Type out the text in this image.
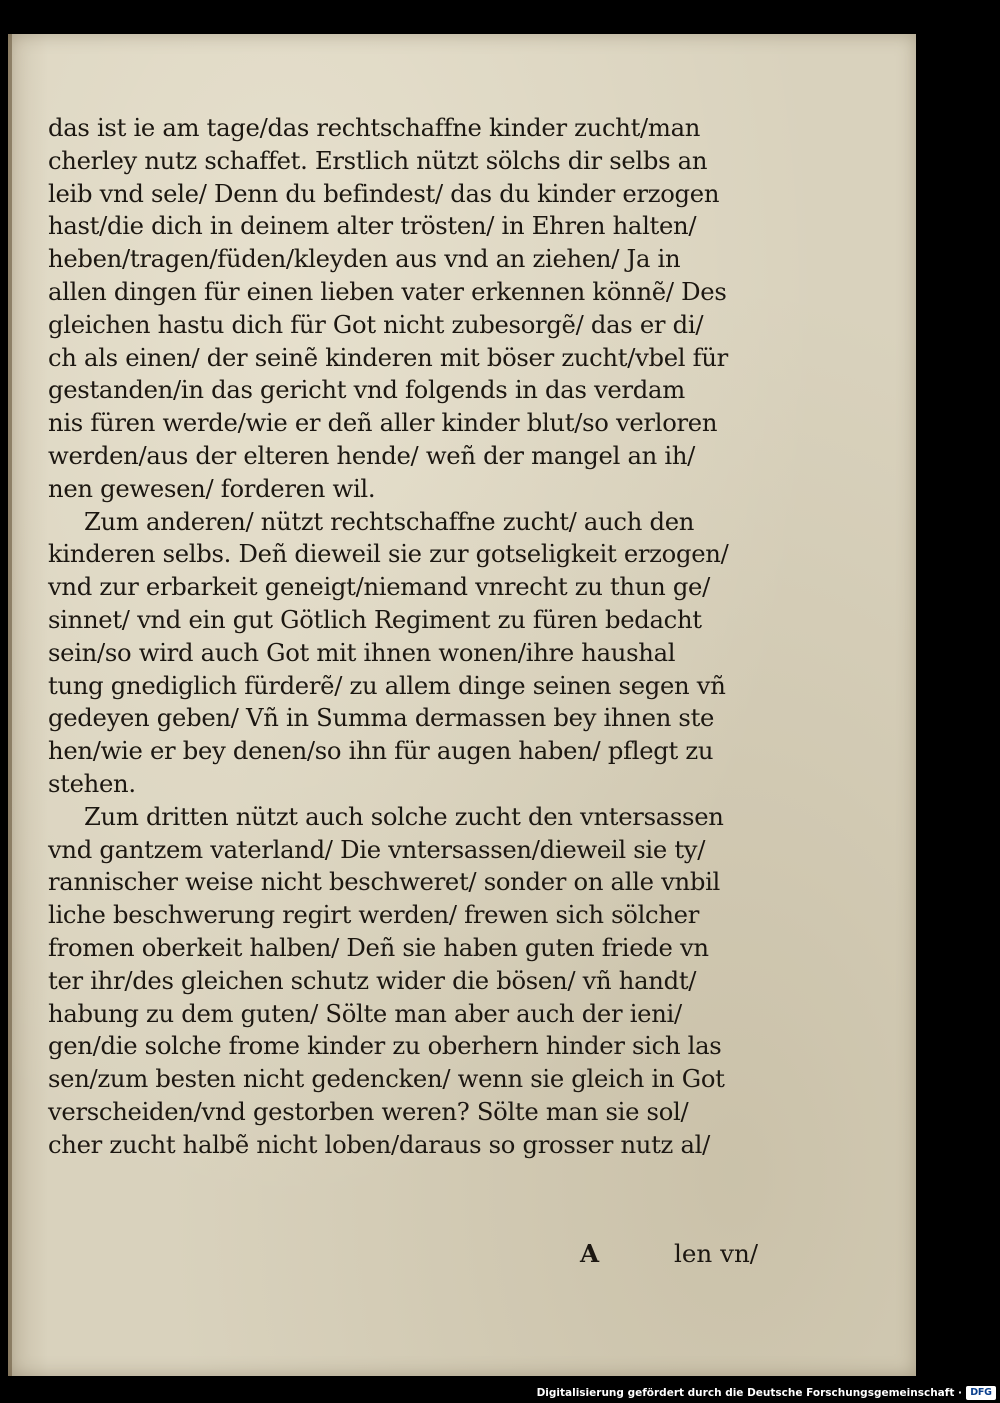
das ist ie am tage/das rechtschaffne kinder zucht/man
cherley nutz schaffet. Erstlich nützt sölchs dir selbs an
leib vnd sele/ Denn du befindest/ das du kinder erzogen
hast/die dich in deinem alter trösten/ in Ehren halten/
heben/tragen/füden/kleyden aus vnd an ziehen/ Ja in
allen dingen für einen lieben vater erkennen könnẽ/ Des
gleichen hastu dich für Got nicht zubesorgẽ/ das er di/
ch als einen/ der seinẽ kinderen mit böser zucht/vbel für
gestanden/in das gericht vnd folgends in das verdam
nis füren werde/wie er deñ aller kinder blut/so verloren
werden/aus der elteren hende/ weñ der mangel an ih/
nen gewesen/ forderen wil.
Zum anderen/ nützt rechtschaffne zucht/ auch den
kinderen selbs. Deñ dieweil sie zur gotseligkeit erzogen/
vnd zur erbarkeit geneigt/niemand vnrecht zu thun ge/
sinnet/ vnd ein gut Götlich Regiment zu füren bedacht
sein/so wird auch Got mit ihnen wonen/ihre haushal
tung gnediglich fürderẽ/ zu allem dinge seinen segen vñ
gedeyen geben/ Vñ in Summa dermassen bey ihnen ste
hen/wie er bey denen/so ihn für augen haben/ pflegt zu
stehen.
Zum dritten nützt auch solche zucht den vntersassen
vnd gantzem vaterland/ Die vntersassen/dieweil sie ty/
rannischer weise nicht beschweret/ sonder on alle vnbil
liche beschwerung regirt werden/ frewen sich sölcher
fromen oberkeit halben/ Deñ sie haben guten friede vn
ter ihr/des gleichen schutz wider die bösen/ vñ handt/
habung zu dem guten/ Sölte man aber auch der ieni/
gen/die solche frome kinder zu oberhern hinder sich las
sen/zum besten nicht gedencken/ wenn sie gleich in Got
verscheiden/vnd gestorben weren? Sölte man sie sol/
cher zucht halbẽ nicht loben/daraus so grosser nutz al/
A	len vn/
Digitalisierung gefördert durch die Deutsche Forschungsgemeinschaft · DFG
